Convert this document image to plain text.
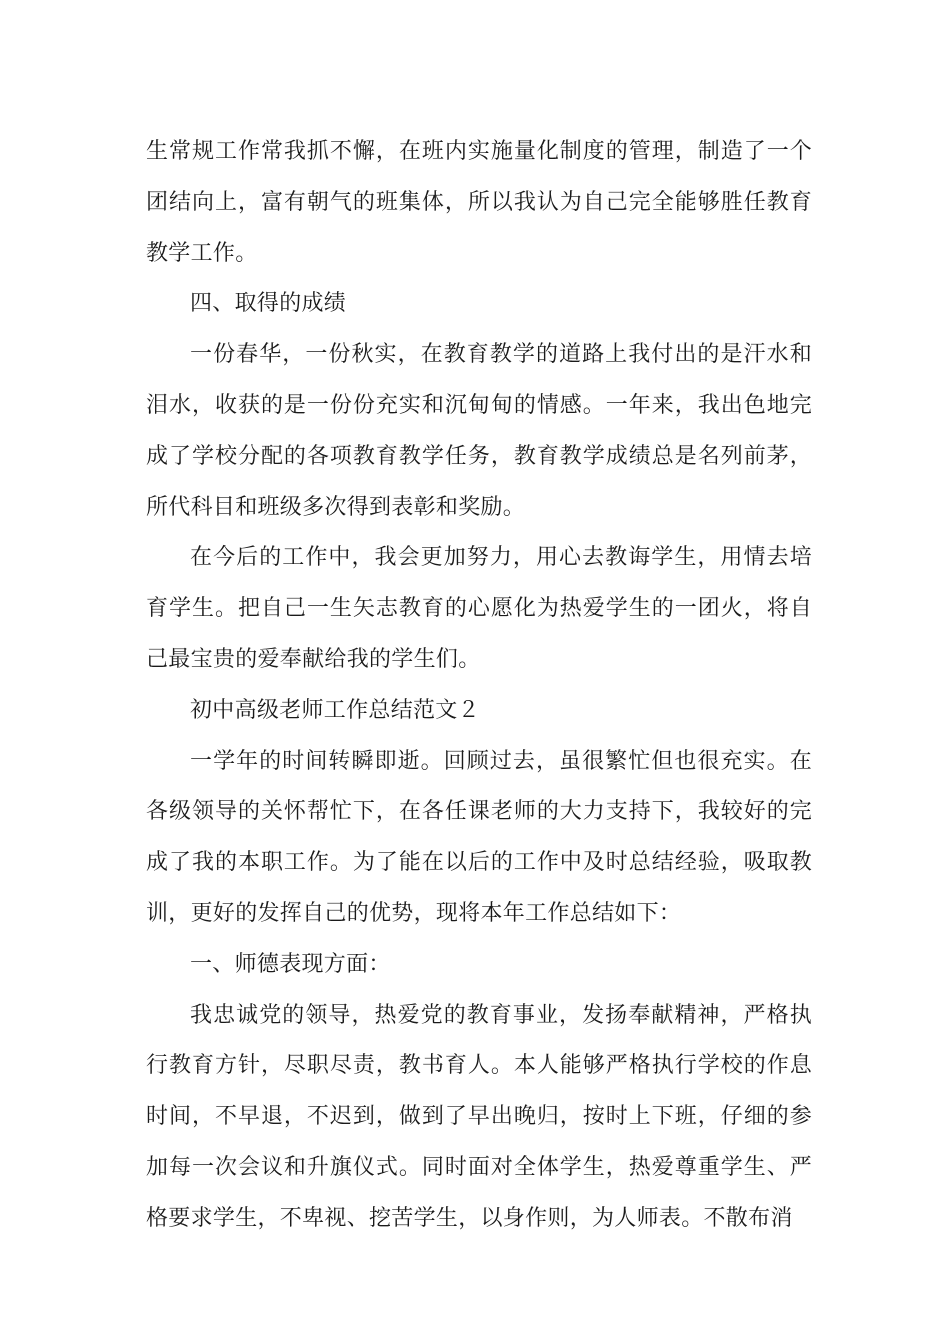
生常规工作常我抓不懈，在班内实施量化制度的管理，制造了一个团结向上，富有朝气的班集体，所以我认为自己完全能够胜任教育教学工作。

四、取得的成绩

一份春华，一份秋实，在教育教学的道路上我付出的是汗水和泪水，收获的是一份份充实和沉甸甸的情感。一年来，我出色地完成了学校分配的各项教育教学任务，教育教学成绩总是名列前茅，所代科目和班级多次得到表彰和奖励。

在今后的工作中，我会更加努力，用心去教诲学生，用情去培育学生。把自己一生矢志教育的心愿化为热爱学生的一团火，将自己最宝贵的爱奉献给我的学生们。

初中高级老师工作总结范文２

一学年的时间转瞬即逝。回顾过去，虽很繁忙但也很充实。在各级领导的关怀帮忙下，在各任课老师的大力支持下，我较好的完成了我的本职工作。为了能在以后的工作中及时总结经验，吸取教训，更好的发挥自己的优势，现将本年工作总结如下：

一、师德表现方面：

我忠诚党的领导，热爱党的教育事业，发扬奉献精神，严格执行教育方针，尽职尽责，教书育人。本人能够严格执行学校的作息时间，不早退，不迟到，做到了早出晚归，按时上下班，仔细的参加每一次会议和升旗仪式。同时面对全体学生，热爱尊重学生、严格要求学生，不卑视、挖苦学生，以身作则，为人师表。不散布消
